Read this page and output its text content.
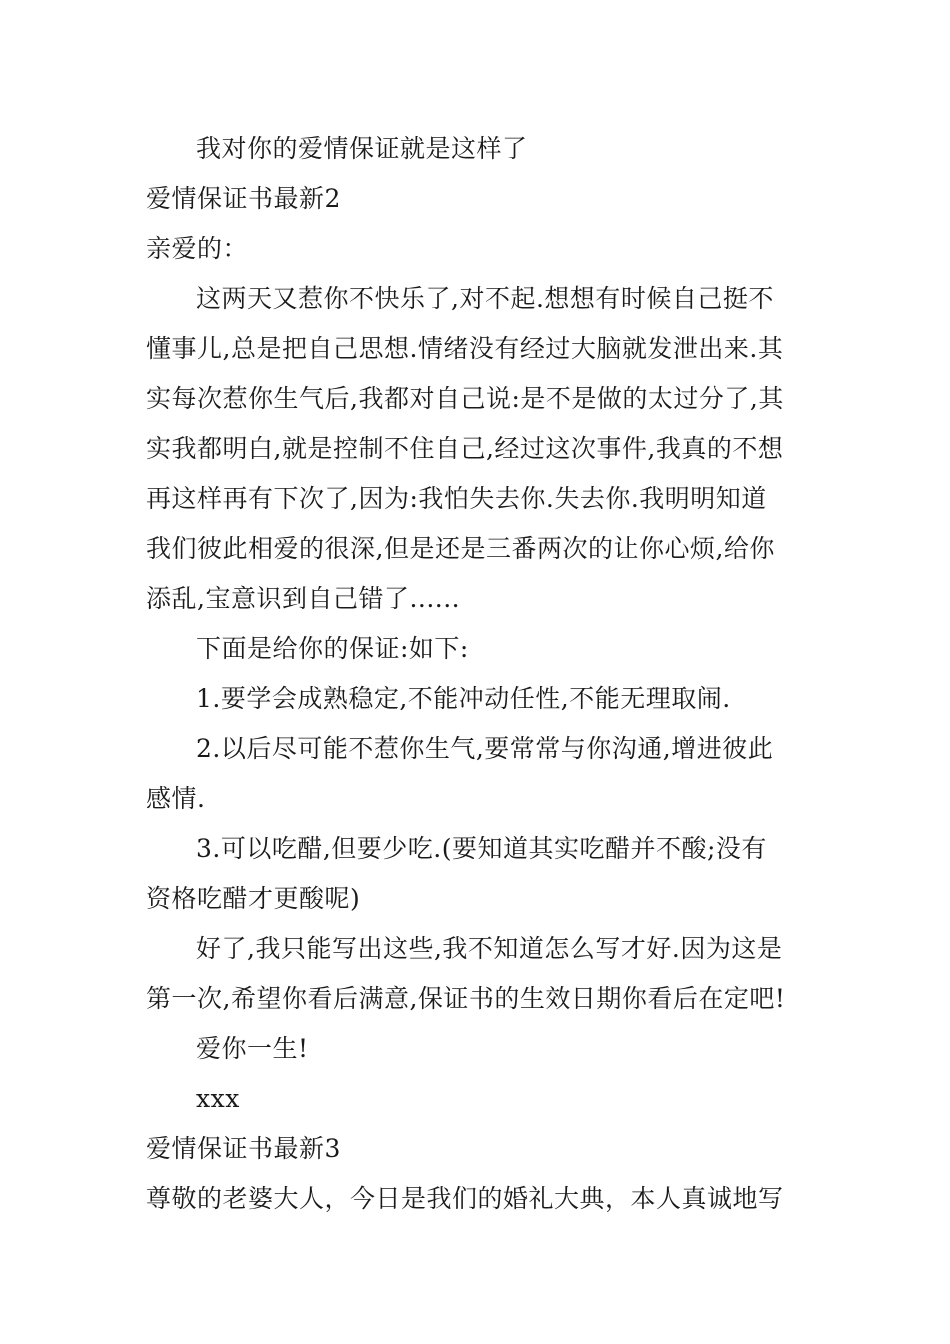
我对你的爱情保证就是这样了
爱情保证书最新2
亲爱的：
这两天又惹你不快乐了,对不起.想想有时候自己挺不
懂事儿,总是把自己思想.情绪没有经过大脑就发泄出来.其
实每次惹你生气后,我都对自己说:是不是做的太过分了,其
实我都明白,就是控制不住自己,经过这次事件,我真的不想
再这样再有下次了,因为:我怕失去你.失去你.我明明知道
我们彼此相爱的很深,但是还是三番两次的让你心烦,给你
添乱,宝意识到自己错了......
下面是给你的保证:如下:
1.要学会成熟稳定,不能冲动任性,不能无理取闹.
2.以后尽可能不惹你生气,要常常与你沟通,增进彼此
感情.
3.可以吃醋,但要少吃.(要知道其实吃醋并不酸;没有
资格吃醋才更酸呢)
好了,我只能写出这些,我不知道怎么写才好.因为这是
第一次,希望你看后满意,保证书的生效日期你看后在定吧!
爱你一生!
xxx
爱情保证书最新3
尊敬的老婆大人，今日是我们的婚礼大典，本人真诚地写
